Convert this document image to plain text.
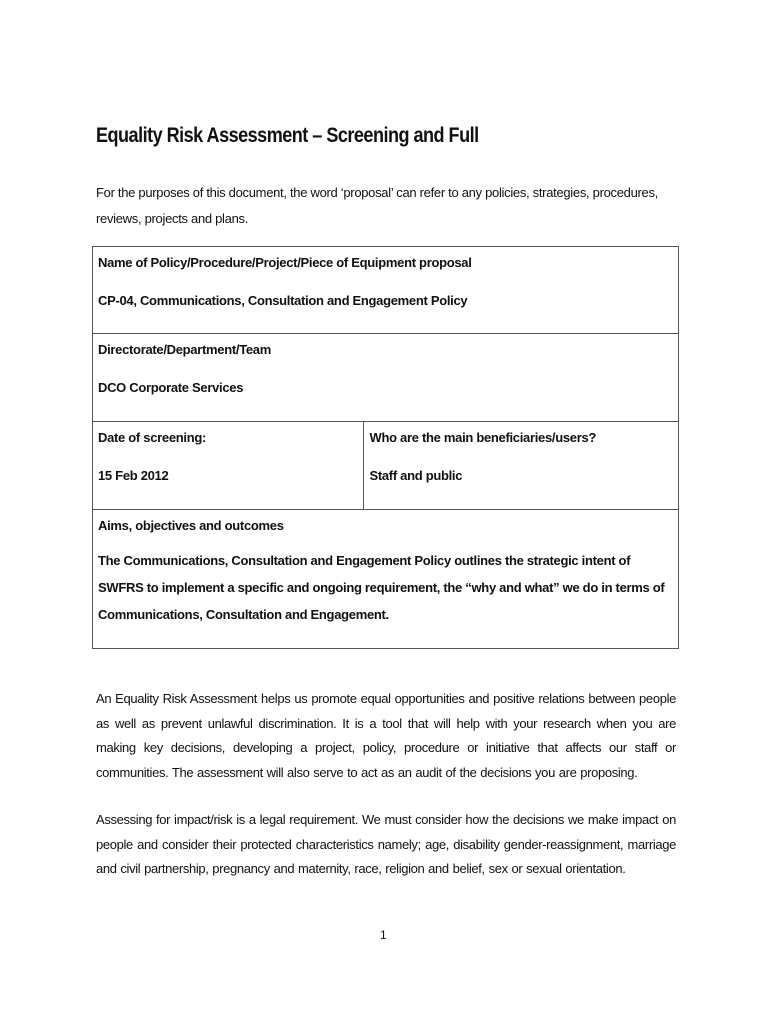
Equality Risk Assessment – Screening and Full
For the purposes of this document, the word ‘proposal’ can refer to any policies, strategies, procedures, reviews, projects and plans.
Name of Policy/Procedure/Project/Piece of Equipment proposal
CP-04, Communications, Consultation and Engagement Policy

Directorate/Department/Team
DCO Corporate Services

Date of screening:
15 Feb 2012

Who are the main beneficiaries/users?
Staff and public

Aims, objectives and outcomes
The Communications, Consultation and Engagement Policy outlines the strategic intent of SWFRS to implement a specific and ongoing requirement, the “why and what” we do in terms of Communications, Consultation and Engagement.
An Equality Risk Assessment helps us promote equal opportunities and positive relations between people as well as prevent unlawful discrimination. It is a tool that will help with your research when you are making key decisions, developing a project, policy, procedure or initiative that affects our staff or communities. The assessment will also serve to act as an audit of the decisions you are proposing.
Assessing for impact/risk is a legal requirement. We must consider how the decisions we make impact on people and consider their protected characteristics namely; age, disability gender-reassignment, marriage and civil partnership, pregnancy and maternity, race, religion and belief, sex or sexual orientation.
1
